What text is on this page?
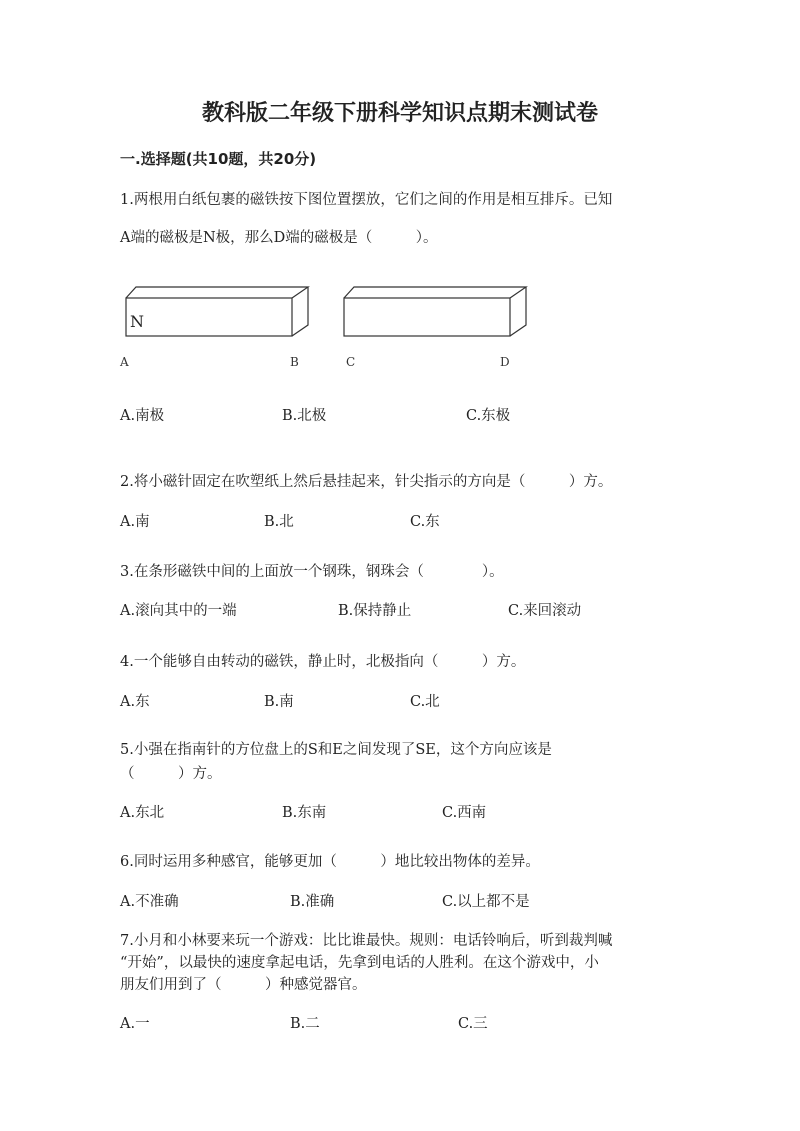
教科版二年级下册科学知识点期末测试卷
一.选择题(共10题，共20分)
1.两根用白纸包裹的磁铁按下图位置摆放，它们之间的作用是相互排斥。已知
A端的磁极是N极，那么D端的磁极是（　　　）。
N
A	B	C	D
A.南极	B.北极	C.东极
2.将小磁针固定在吹塑纸上然后悬挂起来，针尖指示的方向是（　　　）方。
A.南	B.北	C.东
3.在条形磁铁中间的上面放一个钢珠，钢珠会（　　　　）。
A.滚向其中的一端	B.保持静止	C.来回滚动
4.一个能够自由转动的磁铁，静止时，北极指向（　　　）方。
A.东	B.南	C.北
5.小强在指南针的方位盘上的S和E之间发现了SE，这个方向应该是
（　　　）方。
A.东北	B.东南	C.西南
6.同时运用多种感官，能够更加（　　　）地比较出物体的差异。
A.不准确	B.准确	C.以上都不是
7.小月和小林要来玩一个游戏：比比谁最快。规则：电话铃响后，听到裁判喊
“开始”，以最快的速度拿起电话，先拿到电话的人胜利。在这个游戏中，小
朋友们用到了（　　　）种感觉器官。
A.一	B.二	C.三
